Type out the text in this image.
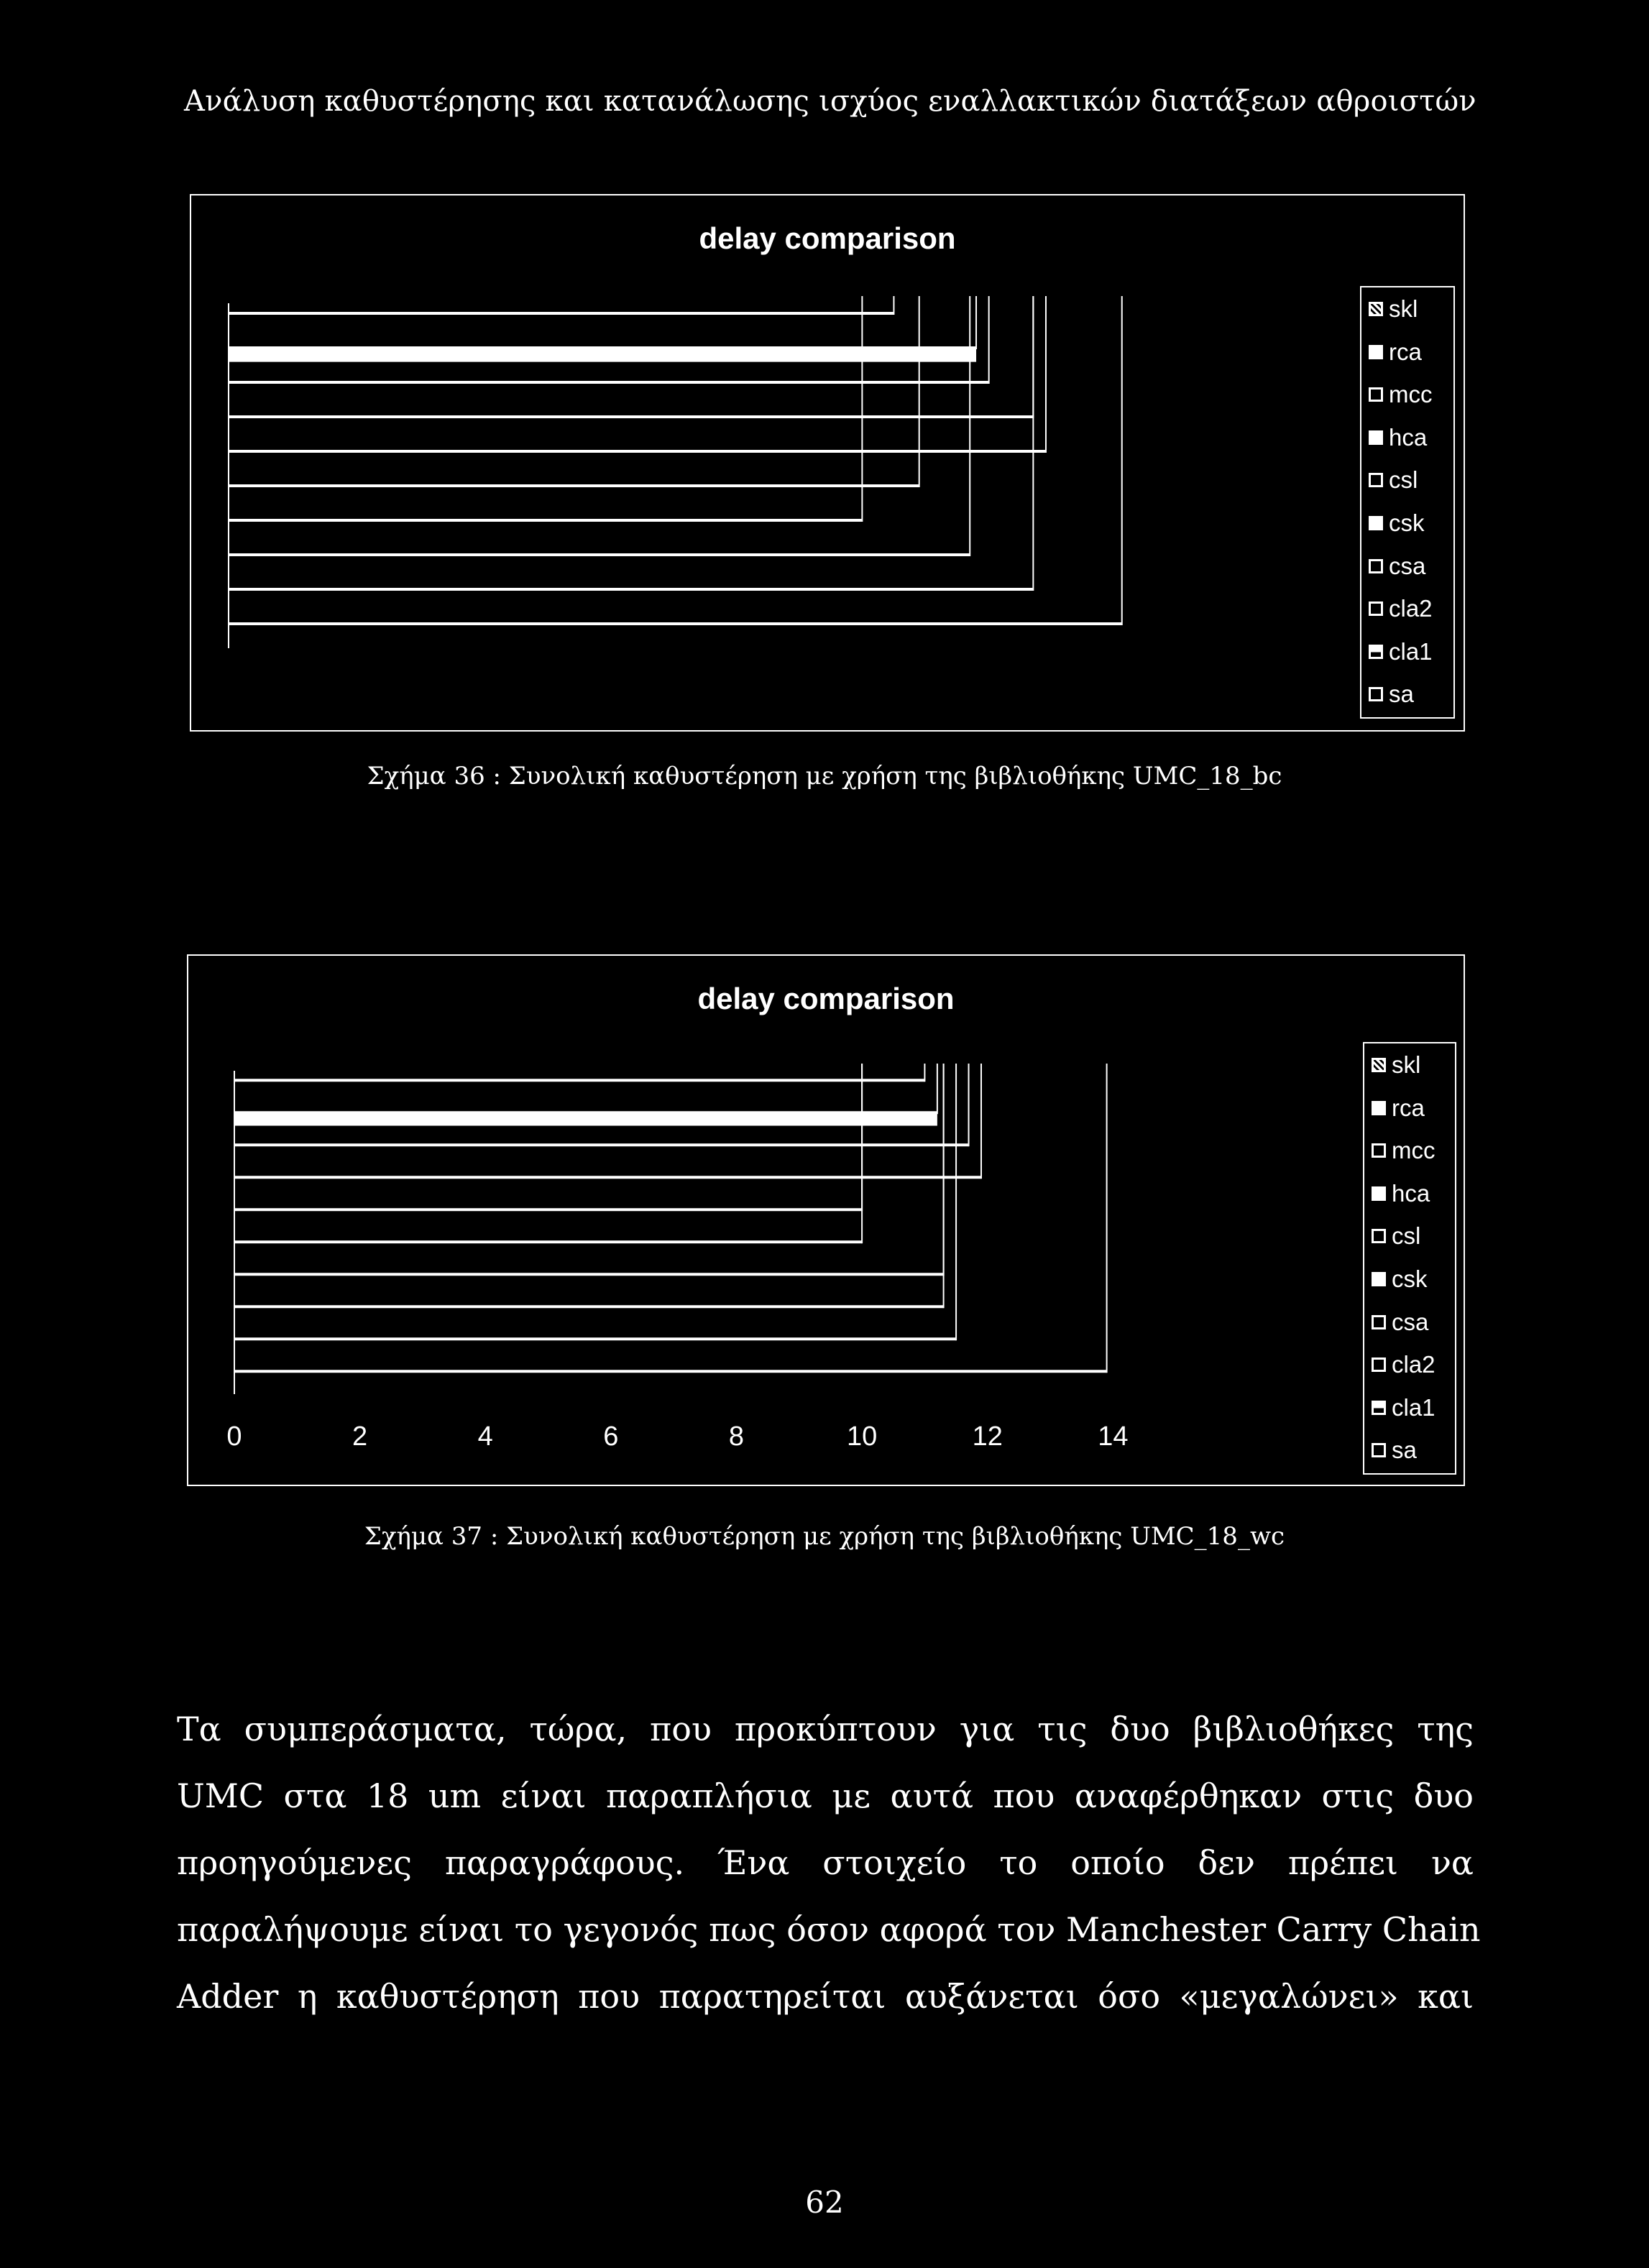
Ανάλυση καθυστέρησης και κατανάλωσης ισχύος εναλλακτικών διατάξεων αθροιστών
delay comparison
skl
rca
mcc
hca
csl
csk
csa
cla2
cla1
sa
Σχήμα 36 : Συνολική καθυστέρηση με χρήση της βιβλιοθήκης UMC_18_bc
delay comparison
0	2	4	6	8	10	12	14
skl
rca
mcc
hca
csl
csk
csa
cla2
cla1
sa
Σχήμα 37 : Συνολική καθυστέρηση με χρήση της βιβλιοθήκης UMC_18_wc
Τα συμπεράσματα, τώρα, που προκύπτουν για τις δυο βιβλιοθήκες της
UMC στα 18 um είναι παραπλήσια με αυτά που αναφέρθηκαν στις δυο
προηγούμενες παραγράφους. Ένα στοιχείο το οποίο δεν πρέπει να
παραλήψουμε είναι το γεγονός πως όσον αφορά τον Manchester Carry Chain
Adder η καθυστέρηση που παρατηρείται αυξάνεται όσο «μεγαλώνει» και
62
